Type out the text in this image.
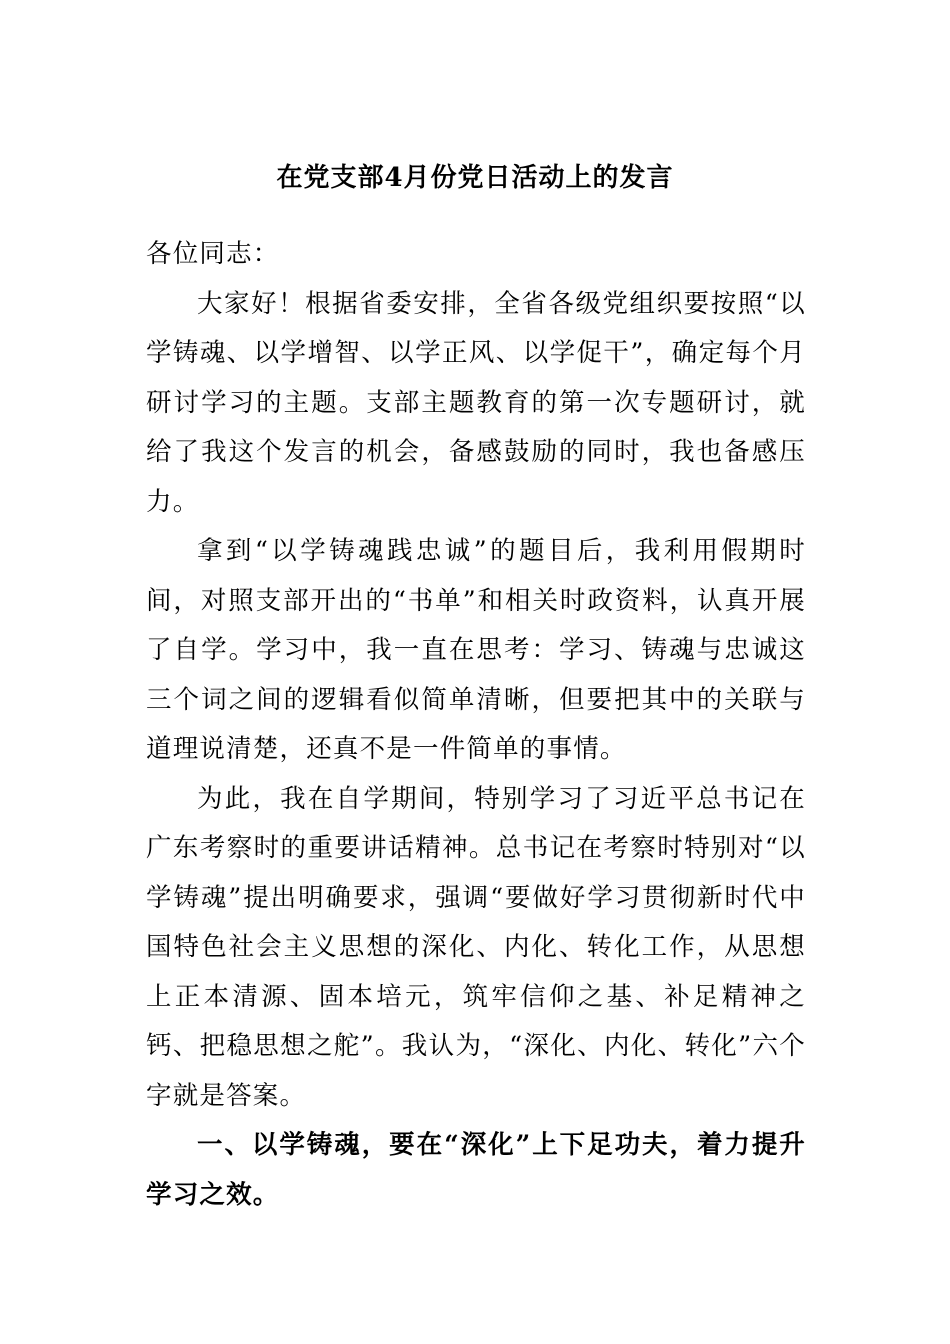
在党支部4月份党日活动上的发言

各位同志：

大家好！根据省委安排，全省各级党组织要按照“以学铸魂、以学增智、以学正风、以学促干”，确定每个月研讨学习的主题。支部主题教育的第一次专题研讨，就给了我这个发言的机会，备感鼓励的同时，我也备感压力。

拿到“以学铸魂践忠诚”的题目后，我利用假期时间，对照支部开出的“书单”和相关时政资料，认真开展了自学。学习中，我一直在思考：学习、铸魂与忠诚这三个词之间的逻辑看似简单清晰，但要把其中的关联与道理说清楚，还真不是一件简单的事情。

为此，我在自学期间，特别学习了习近平总书记在广东考察时的重要讲话精神。总书记在考察时特别对“以学铸魂”提出明确要求，强调“要做好学习贯彻新时代中国特色社会主义思想的深化、内化、转化工作，从思想上正本清源、固本培元，筑牢信仰之基、补足精神之钙、把稳思想之舵”。我认为，“深化、内化、转化”六个字就是答案。

一、以学铸魂，要在“深化”上下足功夫，着力提升学习之效。
